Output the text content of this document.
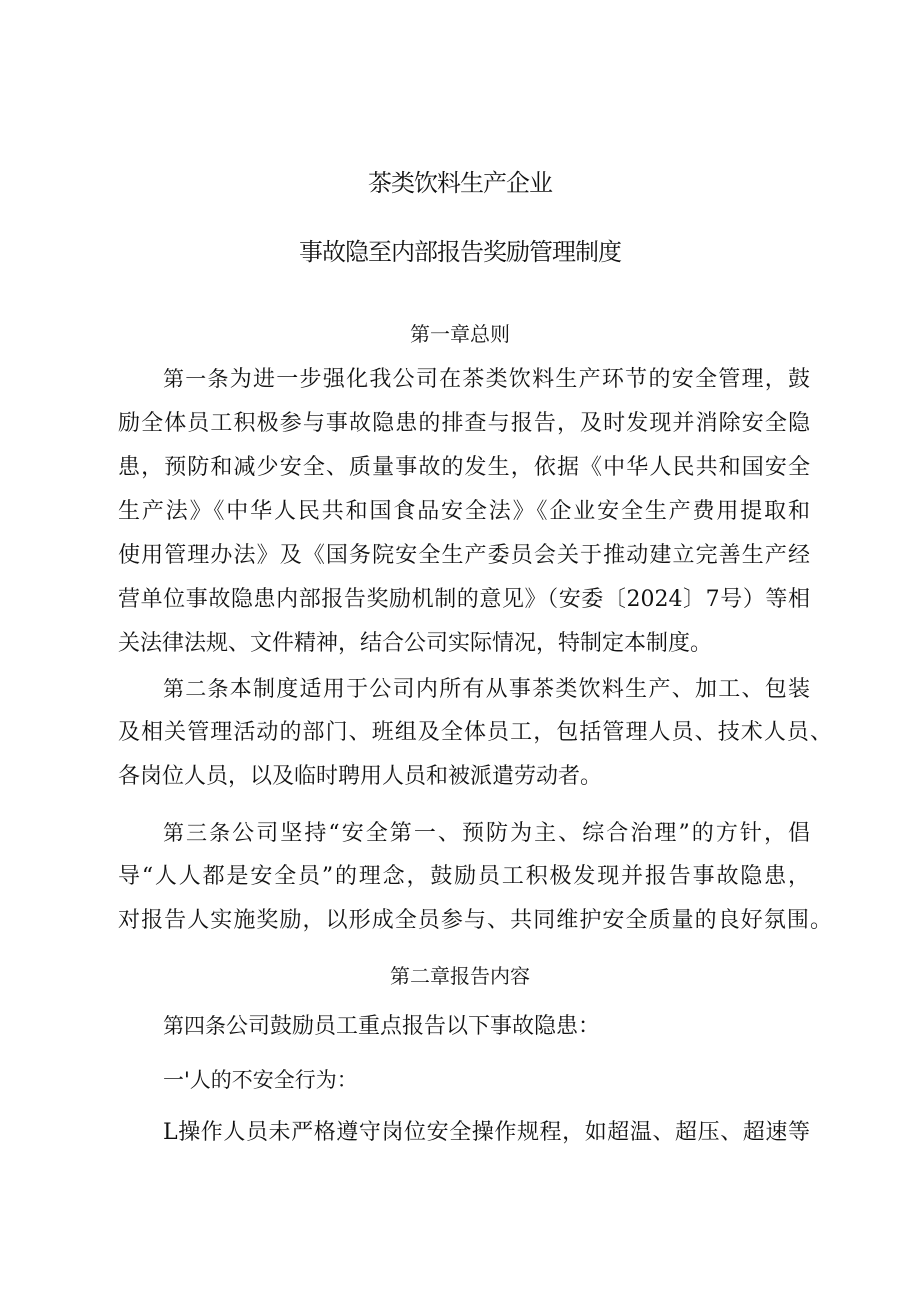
茶类饮料生产企业
事故隐至内部报告奖励管理制度
第一章总则
第一条为进一步强化我公司在茶类饮料生产环节的安全管理，鼓
励全体员工积极参与事故隐患的排查与报告，及时发现并消除安全隐
患，预防和减少安全、质量事故的发生，依据《中华人民共和国安全
生产法》《中华人民共和国食品安全法》《企业安全生产费用提取和
使用管理办法》及《国务院安全生产委员会关于推动建立完善生产经
营单位事故隐患内部报告奖励机制的意见》（安委〔2024〕7号）等相
关法律法规、文件精神，结合公司实际情况，特制定本制度。
第二条本制度适用于公司内所有从事茶类饮料生产、加工、包装
及相关管理活动的部门、班组及全体员工，包括管理人员、技术人员、
各岗位人员，以及临时聘用人员和被派遣劳动者。
第三条公司坚持“安全第一、预防为主、综合治理”的方针，倡
导“人人都是安全员”的理念，鼓励员工积极发现并报告事故隐患，
对报告人实施奖励，以形成全员参与、共同维护安全质量的良好氛围。
第二章报告内容
第四条公司鼓励员工重点报告以下事故隐患：
一'人的不安全行为：
L操作人员未严格遵守岗位安全操作规程，如超温、超压、超速等
